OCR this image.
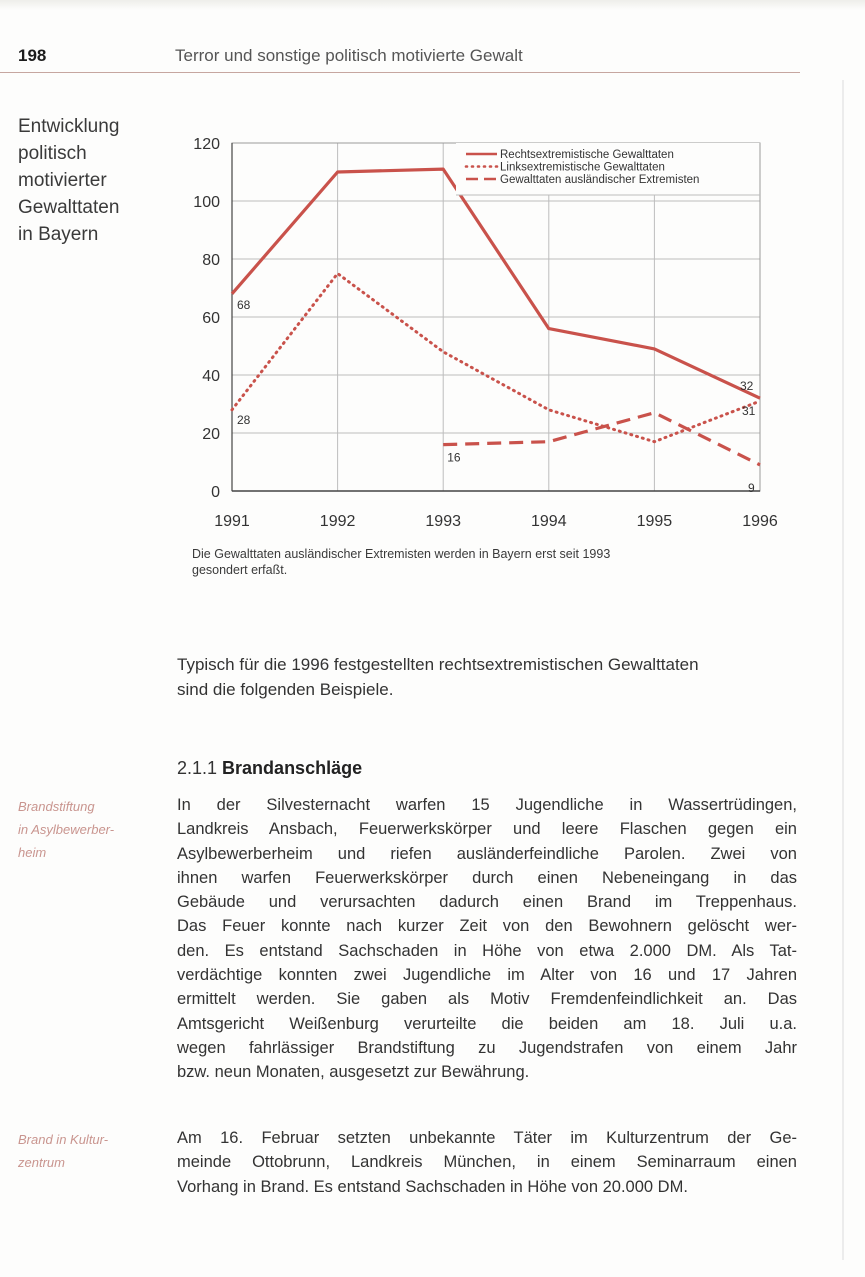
198	Terror und sonstige politisch motivierte Gewalt
Entwicklung
politisch
motivierter
Gewalttaten
in Bayern
0
20
40
60
80
100
120
1991	1992	1993	1994	1995	1996
68
28
16
32
31
9
Rechtsextremistische Gewalttaten
Linksextremistische Gewalttaten
Gewalttaten ausländischer Extremisten
Die Gewalttaten ausländischer Extremisten werden in Bayern erst seit 1993
gesondert erfaßt.
Typisch für die 1996 festgestellten rechtsextremistischen Gewalttaten
sind die folgenden Beispiele.
2.1.1 Brandanschläge
Brandstiftung
in Asylbewerber-
heim
In der Silvesternacht warfen 15 Jugendliche in Wassertrüdingen,
Landkreis Ansbach, Feuerwerkskörper und leere Flaschen gegen ein
Asylbewerberheim und riefen ausländerfeindliche Parolen. Zwei von
ihnen warfen Feuerwerkskörper durch einen Nebeneingang in das
Gebäude und verursachten dadurch einen Brand im Treppenhaus.
Das Feuer konnte nach kurzer Zeit von den Bewohnern gelöscht wer-
den. Es entstand Sachschaden in Höhe von etwa 2.000 DM. Als Tat-
verdächtige konnten zwei Jugendliche im Alter von 16 und 17 Jahren
ermittelt werden. Sie gaben als Motiv Fremdenfeindlichkeit an. Das
Amtsgericht Weißenburg verurteilte die beiden am 18. Juli u.a.
wegen fahrlässiger Brandstiftung zu Jugendstrafen von einem Jahr
bzw. neun Monaten, ausgesetzt zur Bewährung.
Brand in Kultur-
zentrum
Am 16. Februar setzten unbekannte Täter im Kulturzentrum der Ge-
meinde Ottobrunn, Landkreis München, in einem Seminarraum einen
Vorhang in Brand. Es entstand Sachschaden in Höhe von 20.000 DM.
